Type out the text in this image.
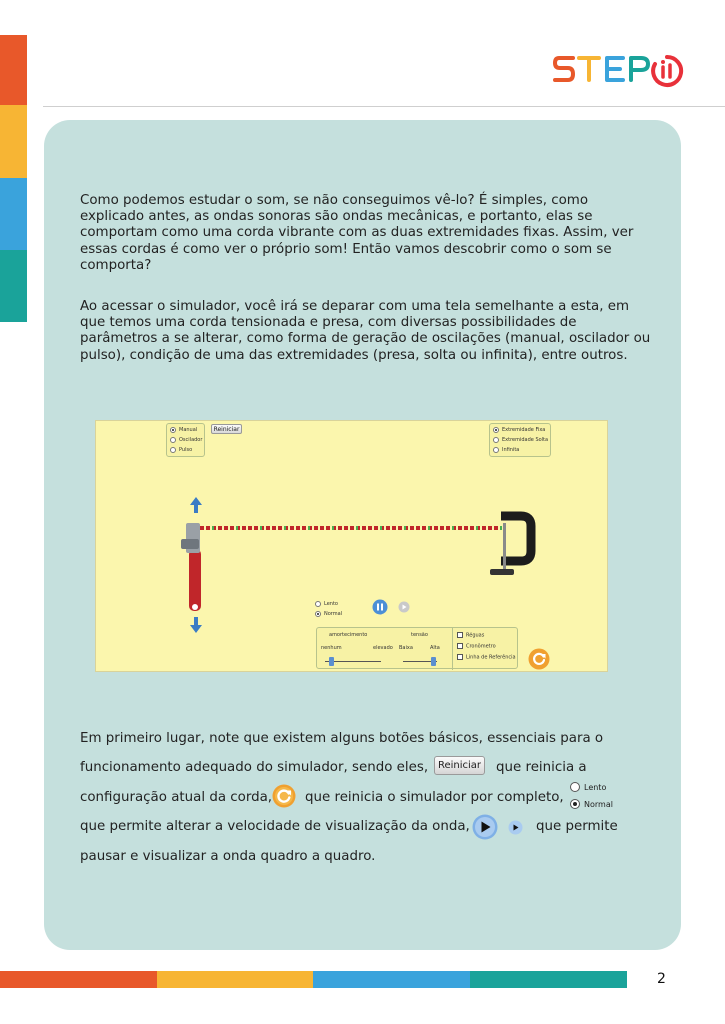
Como podemos estudar o som, se não conseguimos vê-lo? É simples, como explicado antes, as ondas sonoras são ondas mecânicas, e portanto, elas se comportam como uma corda vibrante com as duas extremidades fixas. Assim, ver essas cordas é como ver o próprio som! Então vamos descobrir como o som se comporta?

Ao acessar o simulador, você irá se deparar com uma tela semelhante a esta, em que temos uma corda tensionada e presa, com diversas possibilidades de parâmetros a se alterar, como forma de geração de oscilações (manual, oscilador ou pulso), condição de uma das extremidades (presa, solta ou infinita), entre outros.

Manual
Oscilador
Pulso
Reiniciar	Extremidade Fixa
Extremidade Solta
Infinita
Lento
Normal
amortecimento
nenhum	elevado
tensão
Baixa	Alta
Réguas
Cronômetro
Linha de Referência
Em primeiro lugar, note que existem alguns botões básicos, essenciais para o
funcionamento adequado do simulador, sendo eles, Reiniciar que reinicia a
configuração atual da corda, que reinicia o simulador por completo,
Lento
Normal
que permite alterar a velocidade de visualização da onda,	que permite
pausar e visualizar a onda quadro a quadro.
2
